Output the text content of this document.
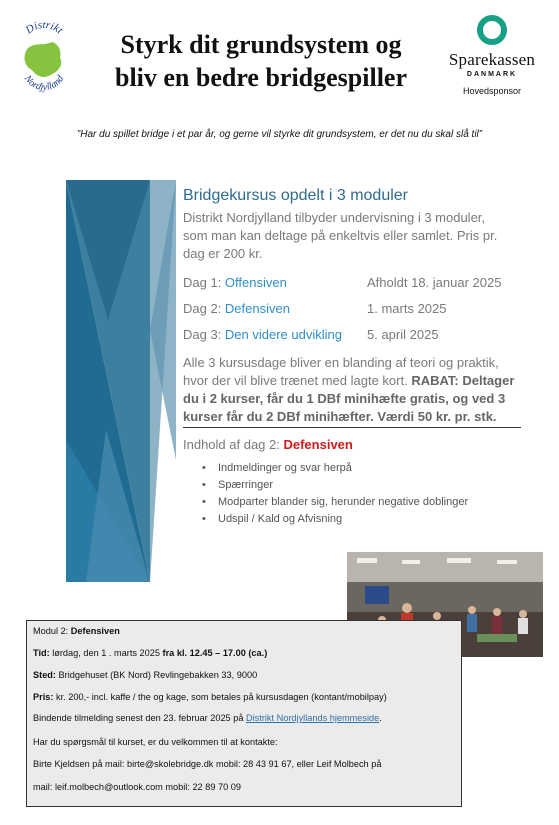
Distrikt
Nordjylland
Styrk dit grundsystem og
bliv en bedre bridgespiller
Sparekassen
DANMARK
Hovedsponsor
”Har du spillet bridge i et par år, og gerne vil styrke dit grundsystem, er det nu du skal slå til”
Bridgekursus opdelt i 3 moduler
Distrikt Nordjylland tilbyder undervisning i 3 moduler,
som man kan deltage på enkeltvis eller samlet. Pris pr.
dag er 200 kr.
Dag 1: Offensiven	Afholdt 18. januar 2025
Dag 2: Defensiven	1. marts 2025
Dag 3: Den videre udvikling 5. april 2025
Alle 3 kursusdage bliver en blanding af teori og praktik,
hvor der vil blive trænet med lagte kort. RABAT: Deltager
du i 2 kurser, får du 1 DBf minihæfte gratis, og ved 3
kurser får du 2 DBf minihæfter. Værdi 50 kr. pr. stk.
Indhold af dag 2: Defensiven
• Indmeldinger og svar herpå
• Spærringer
• Modparter blander sig, herunder negative doblinger
• Udspil / Kald og Afvisning
Modul 2: Defensiven
Tid: lørdag, den 1 . marts 2025 fra kl. 12.45 – 17.00 (ca.)
Sted: Bridgehuset (BK Nord) Revlingebakken 33, 9000
Pris: kr. 200,- incl. kaffe / the og kage, som betales på kursusdagen (kontant/mobilpay)
Bindende tilmelding senest den 23. februar 2025 på Distrikt Nordjyllands hjemmeside.
Har du spørgsmål til kurset, er du velkommen til at kontakte:
Birte Kjeldsen på mail: birte@skolebridge.dk mobil: 28 43 91 67, eller Leif Molbech på
mail: leif.molbech@outlook.com mobil: 22 89 70 09
